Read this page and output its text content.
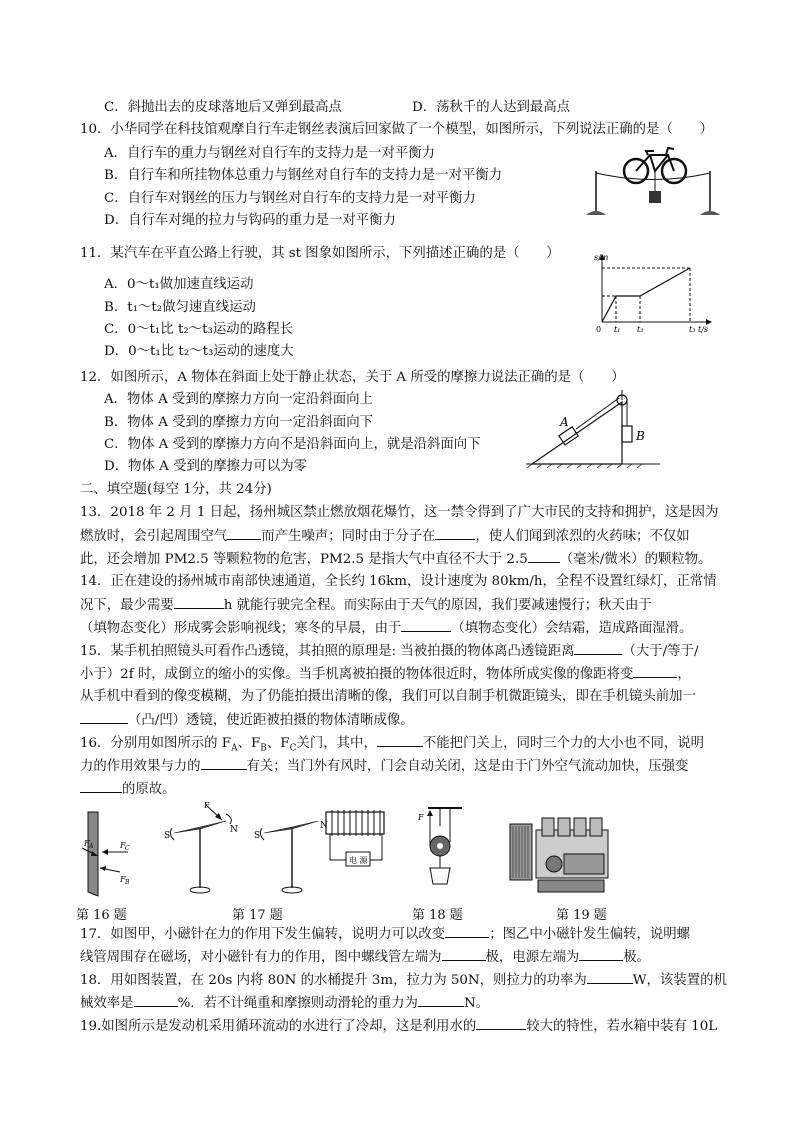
C．斜抛出去的皮球落地后又弹到最高点	D．荡秋千的人达到最高点
10．小华同学在科技馆观摩自行车走钢丝表演后回家做了一个模型，如图所示，下列说法正确的是（　　）
A．自行车的重力与钢丝对自行车的支持力是一对平衡力
B．自行车和所挂物体总重力与钢丝对自行车的支持力是一对平衡力
C．自行车对钢丝的压力与钢丝对自行车的支持力是一对平衡力
D．自行车对绳的拉力与钩码的重力是一对平衡力
11．某汽车在平直公路上行驶，其 st 图象如图所示，下列描述正确的是（　　）
A．0～t₁做加速直线运动
B．t₁～t₂做匀速直线运动
C．0～t₁比 t₂～t₃运动的路程长
D．0～t₁比 t₂～t₃运动的速度大
s/m
0 t₁ t₂	t₃ t/s
12．如图所示，A 物体在斜面上处于静止状态，关于 A 所受的摩擦力说法正确的是（　　）
A．物体 A 受到的摩擦力方向一定沿斜面向上
B．物体 A 受到的摩擦力方向一定沿斜面向下
C．物体 A 受到的摩擦力方向不是沿斜面向上，就是沿斜面向下
D．物体 A 受到的摩擦力可以为零
A
B
二、填空题(每空 1分，共 24分)
13．2018 年 2 月 1 日起，扬州城区禁止燃放烟花爆竹，这一禁令得到了广大市民的支持和拥护，这是因为
燃放时，会引起周围空气	而产生噪声；同时由于分子在	，使人们闻到浓烈的火药味；不仅如
此，还会增加 PM2.5 等颗粒物的危害，PM2.5 是指大气中直径不大于 2.5 （毫米/微米）的颗粒物。
14．正在建设的扬州城市南部快速通道，全长约 16km，设计速度为 80km/h，全程不设置红绿灯，正常情
况下，最少需要	h 就能行驶完全程。而实际由于天气的原因，我们要减速慢行；秋天由于
（填物态变化）形成雾会影响视线；寒冬的早晨，由于	（填物态变化）会结霜，造成路面湿滑。
15．某手机拍照镜头可看作凸透镜，其拍照的原理是: 当被拍摄的物体离凸透镜距离	（大于/等于/
小于）2f 时，成倒立的缩小的实像。当手机离被拍摄的物体很近时，物体所成实像的像距将变	，
从手机中看到的像变模糊，为了仍能拍摄出清晰的像，我们可以自制手机微距镜头，即在手机镜头前加一
（凸/凹）透镜，使近距被拍摄的物体清晰成像。
16．分别用如图所示的 $F_A$、$F_B$、$F_C$关门，其中，	不能把门关上，同时三个力的大小也不同，说明
力的作用效果与力的	有关；当门外有风时，门会自动关闭，这是由于门外空气流动加快，压强变
的原故。
F A	F C
F B
F
S
N
S
N
电 源
F
第 16 题	第 17 题	第 18 题	第 19 题
17．如图甲，小磁针在力的作用下发生偏转，说明力可以改变	；图乙中小磁针发生偏转，说明螺
线管周围存在磁场，对小磁针有力的作用，图中螺线管左端为	极，电源左端为	极。
18．用如图装置，在 20s 内将 80N 的水桶提升 3m，拉力为 50N，则拉力的功率为	W，该装置的机
械效率是	%．若不计绳重和摩擦则动滑轮的重力为	N。
19.如图所示是发动机采用循环流动的水进行了冷却，这是利用水的	较大的特性，若水箱中装有 10L
